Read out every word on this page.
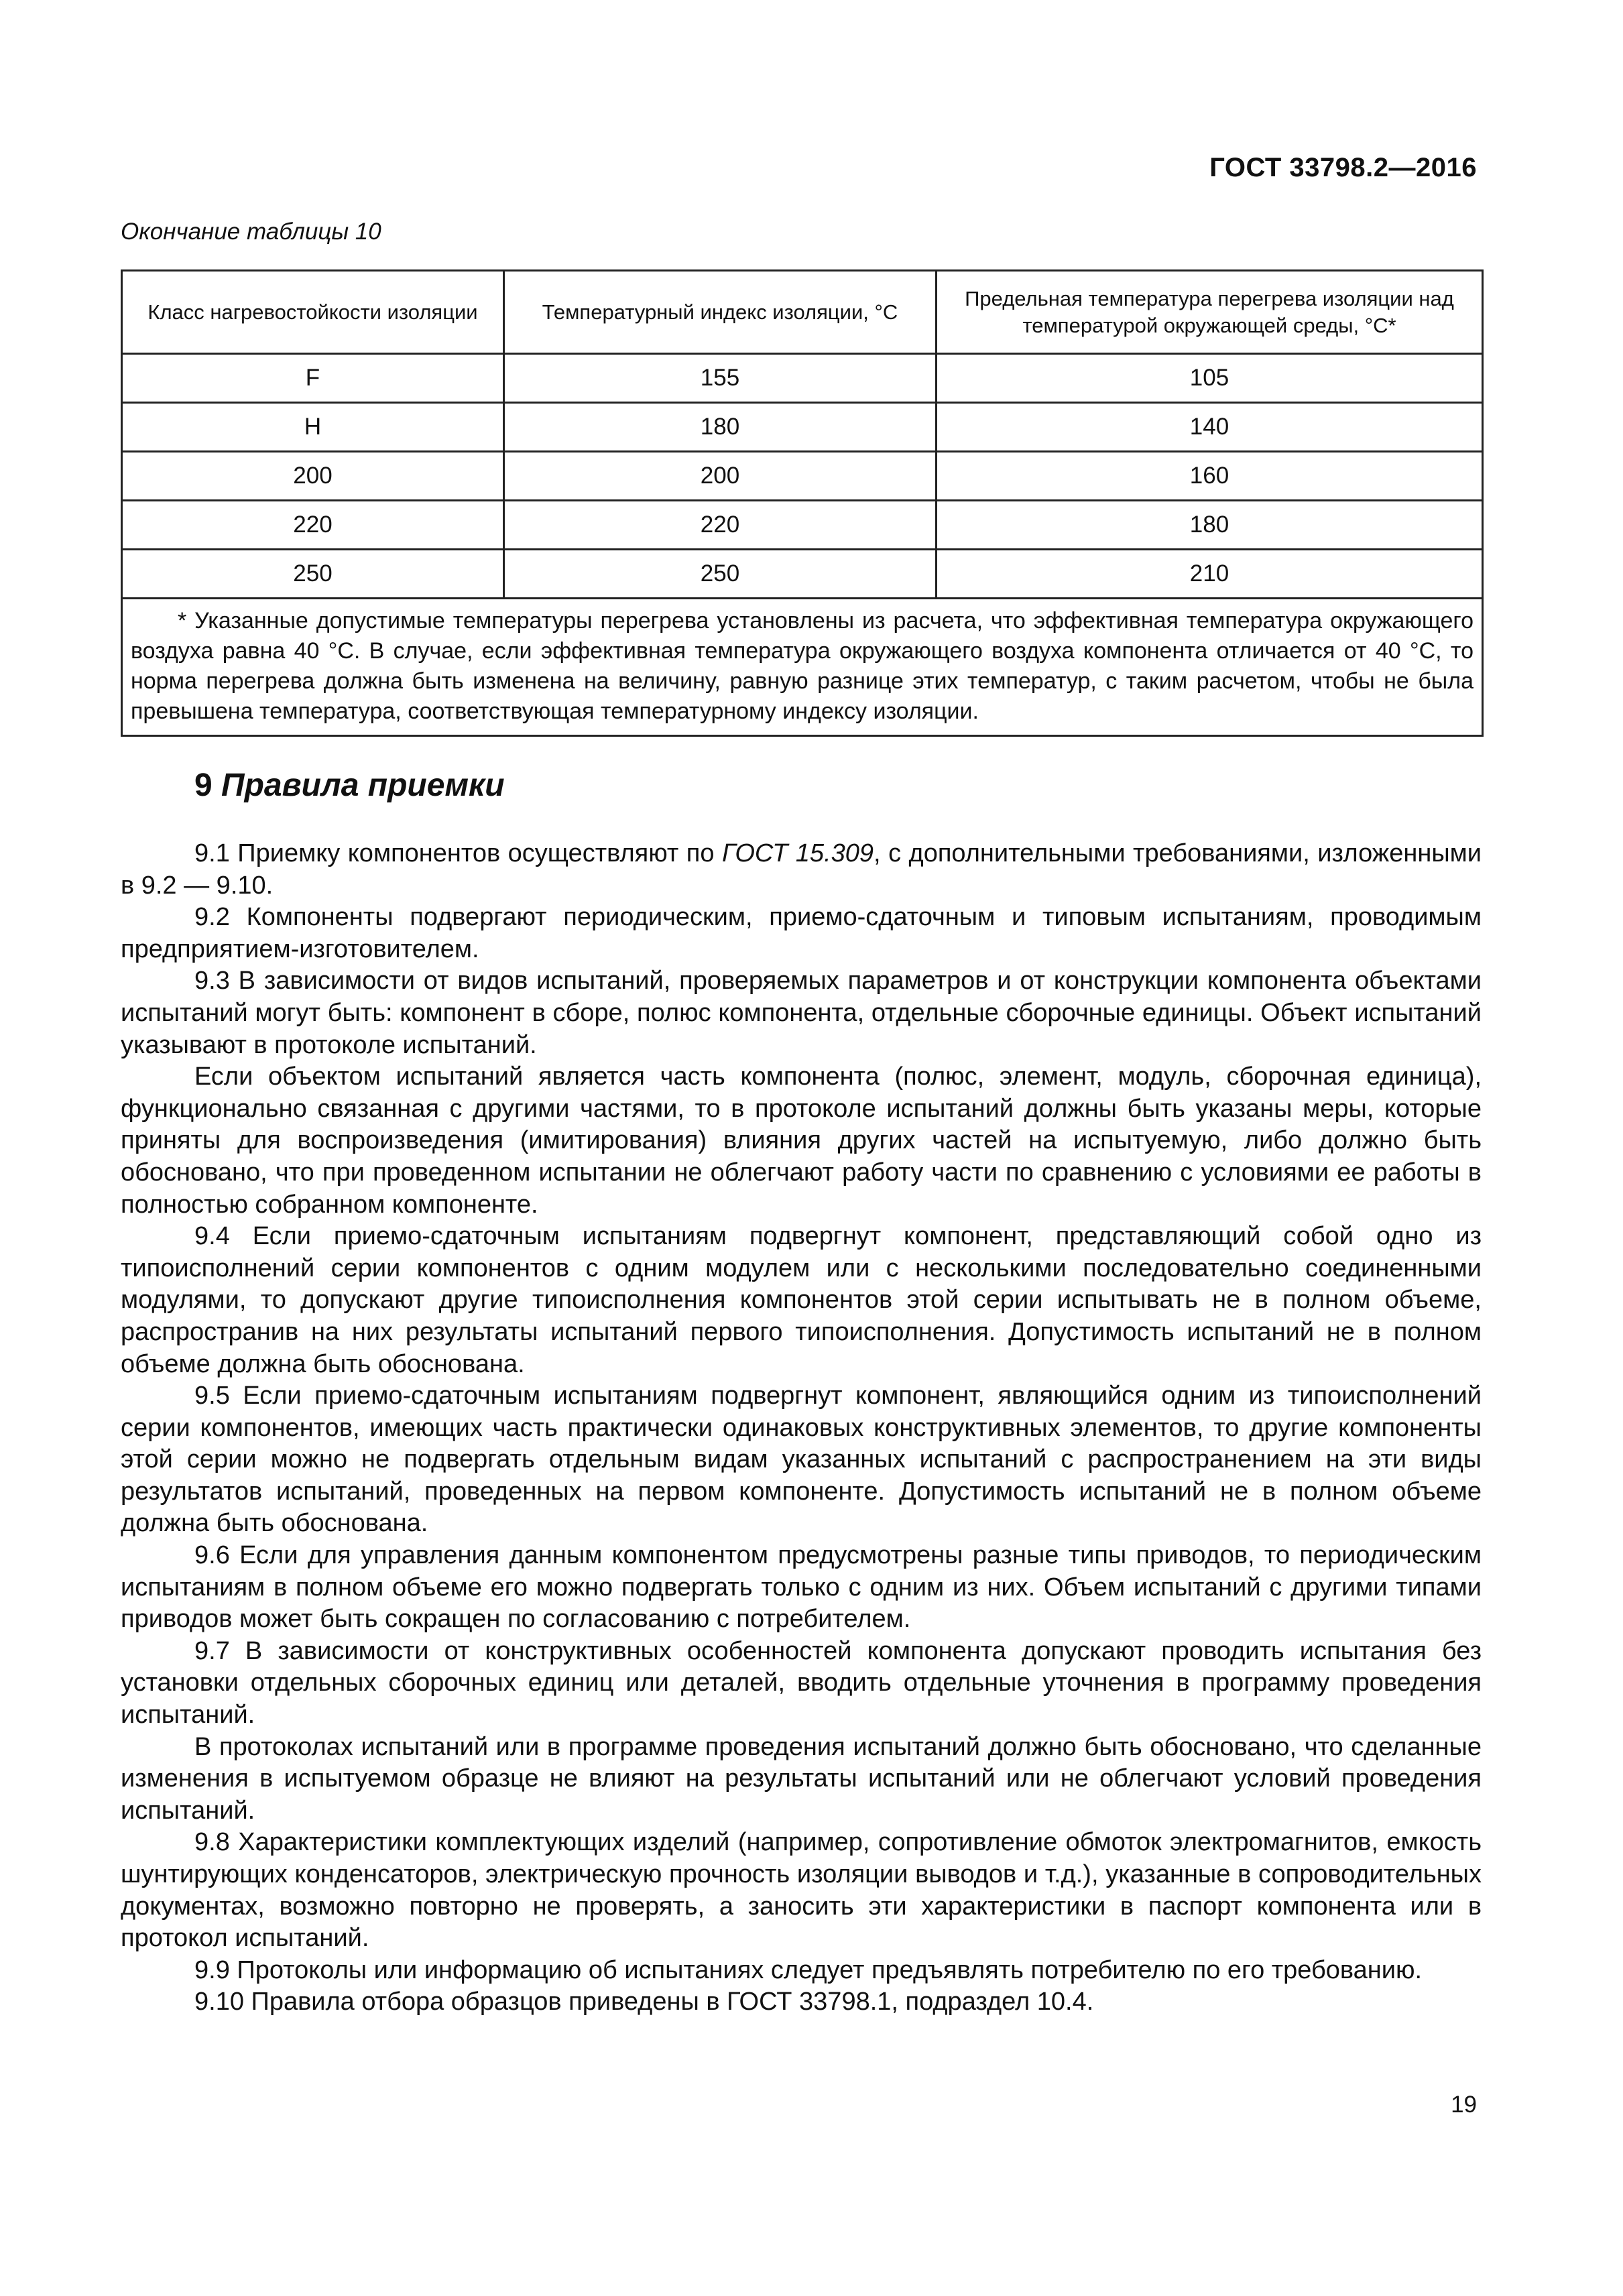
ГОСТ 33798.2—2016
Окончание таблицы 10
Класс нагревостойкости изоляции	Температурный индекс изоляции, °С	Предельная температура перегрева изоляции над температурой окружающей среды, °С*
F	155	105
H	180	140
200	200	160
220	220	180
250	250	210

* Указанные допустимые температуры перегрева установлены из расчета, что эффективная температура окружающего воздуха равна 40 °С. В случае, если эффективная температура окружающего воздуха компонента отличается от 40 °С, то норма перегрева должна быть изменена на величину, равную разнице этих температур, с таким расчетом, чтобы не была превышена температура, соответствующая температурному индексу изоляции.		
9 Правила приемки

9.1 Приемку компонентов осуществляют по ГОСТ 15.309, с дополнительными требованиями, изложенными в 9.2 — 9.10.

9.2 Компоненты подвергают периодическим, приемо-сдаточным и типовым испытаниям, проводимым предприятием-изготовителем.

9.3 В зависимости от видов испытаний, проверяемых параметров и от конструкции компонента объектами испытаний могут быть: компонент в сборе, полюс компонента, отдельные сборочные единицы. Объект испытаний указывают в протоколе испытаний.

Если объектом испытаний является часть компонента (полюс, элемент, модуль, сборочная единица), функционально связанная с другими частями, то в протоколе испытаний должны быть указаны меры, которые приняты для воспроизведения (имитирования) влияния других частей на испытуемую, либо должно быть обосновано, что при проведенном испытании не облегчают работу части по сравнению с условиями ее работы в полностью собранном компоненте.

9.4 Если приемо-сдаточным испытаниям подвергнут компонент, представляющий собой одно из типоисполнений серии компонентов с одним модулем или с несколькими последовательно соединенными модулями, то допускают другие типоисполнения компонентов этой серии испытывать не в полном объеме, распространив на них результаты испытаний первого типоисполнения. Допустимость испытаний не в полном объеме должна быть обоснована.

9.5 Если приемо-сдаточным испытаниям подвергнут компонент, являющийся одним из типоисполнений серии компонентов, имеющих часть практически одинаковых конструктивных элементов, то другие компоненты этой серии можно не подвергать отдельным видам указанных испытаний с распространением на эти виды результатов испытаний, проведенных на первом компоненте. Допустимость испытаний не в полном объеме должна быть обоснована.

9.6 Если для управления данным компонентом предусмотрены разные типы приводов, то периодическим испытаниям в полном объеме его можно подвергать только с одним из них. Объем испытаний с другими типами приводов может быть сокращен по согласованию с потребителем.

9.7 В зависимости от конструктивных особенностей компонента допускают проводить испытания без установки отдельных сборочных единиц или деталей, вводить отдельные уточнения в программу проведения испытаний.

В протоколах испытаний или в программе проведения испытаний должно быть обосновано, что сделанные изменения в испытуемом образце не влияют на результаты испытаний или не облегчают условий проведения испытаний.

9.8 Характеристики комплектующих изделий (например, сопротивление обмоток электромагнитов, емкость шунтирующих конденсаторов, электрическую прочность изоляции выводов и т.д.), указанные в сопроводительных документах, возможно повторно не проверять, а заносить эти характеристики в паспорт компонента или в протокол испытаний.

9.9 Протоколы или информацию об испытаниях следует предъявлять потребителю по его требованию.

9.10 Правила отбора образцов приведены в ГОСТ 33798.1, подраздел 10.4.

19
